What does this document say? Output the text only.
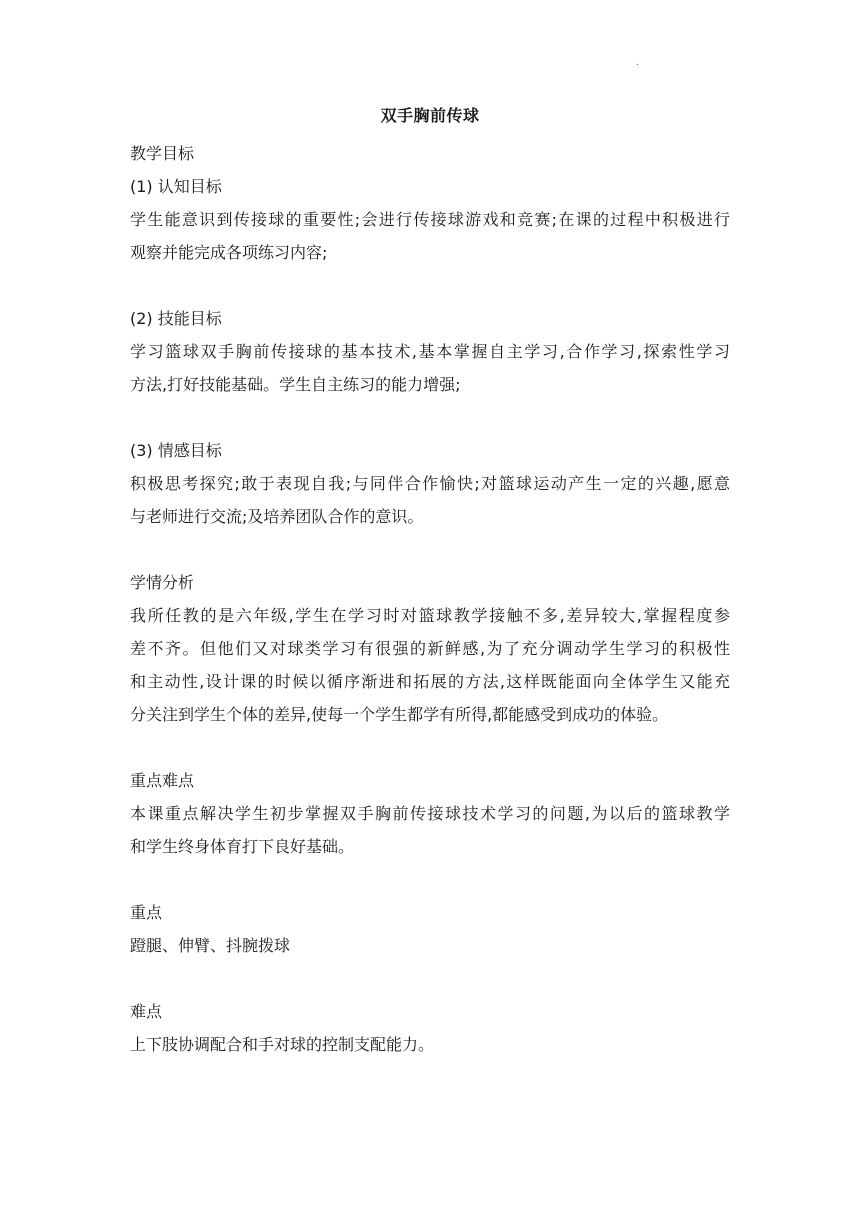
.
双手胸前传球
教学目标
(1) 认知目标
学生能意识到传接球的重要性;会进行传接球游戏和竞赛;在课的过程中积极进行
观察并能完成各项练习内容;
(2) 技能目标
学习篮球双手胸前传接球的基本技术,基本掌握自主学习,合作学习,探索性学习
方法,打好技能基础。学生自主练习的能力增强;
(3) 情感目标
积极思考探究;敢于表现自我;与同伴合作愉快;对篮球运动产生一定的兴趣,愿意
与老师进行交流;及培养团队合作的意识。
学情分析
我所任教的是六年级,学生在学习时对篮球教学接触不多,差异较大,掌握程度参
差不齐。但他们又对球类学习有很强的新鲜感,为了充分调动学生学习的积极性
和主动性,设计课的时候以循序渐进和拓展的方法,这样既能面向全体学生又能充
分关注到学生个体的差异,使每一个学生都学有所得,都能感受到成功的体验。
重点难点
本课重点解决学生初步掌握双手胸前传接球技术学习的问题,为以后的篮球教学
和学生终身体育打下良好基础。
重点
蹬腿、伸臂、抖腕拨球
难点
上下肢协调配合和手对球的控制支配能力。
